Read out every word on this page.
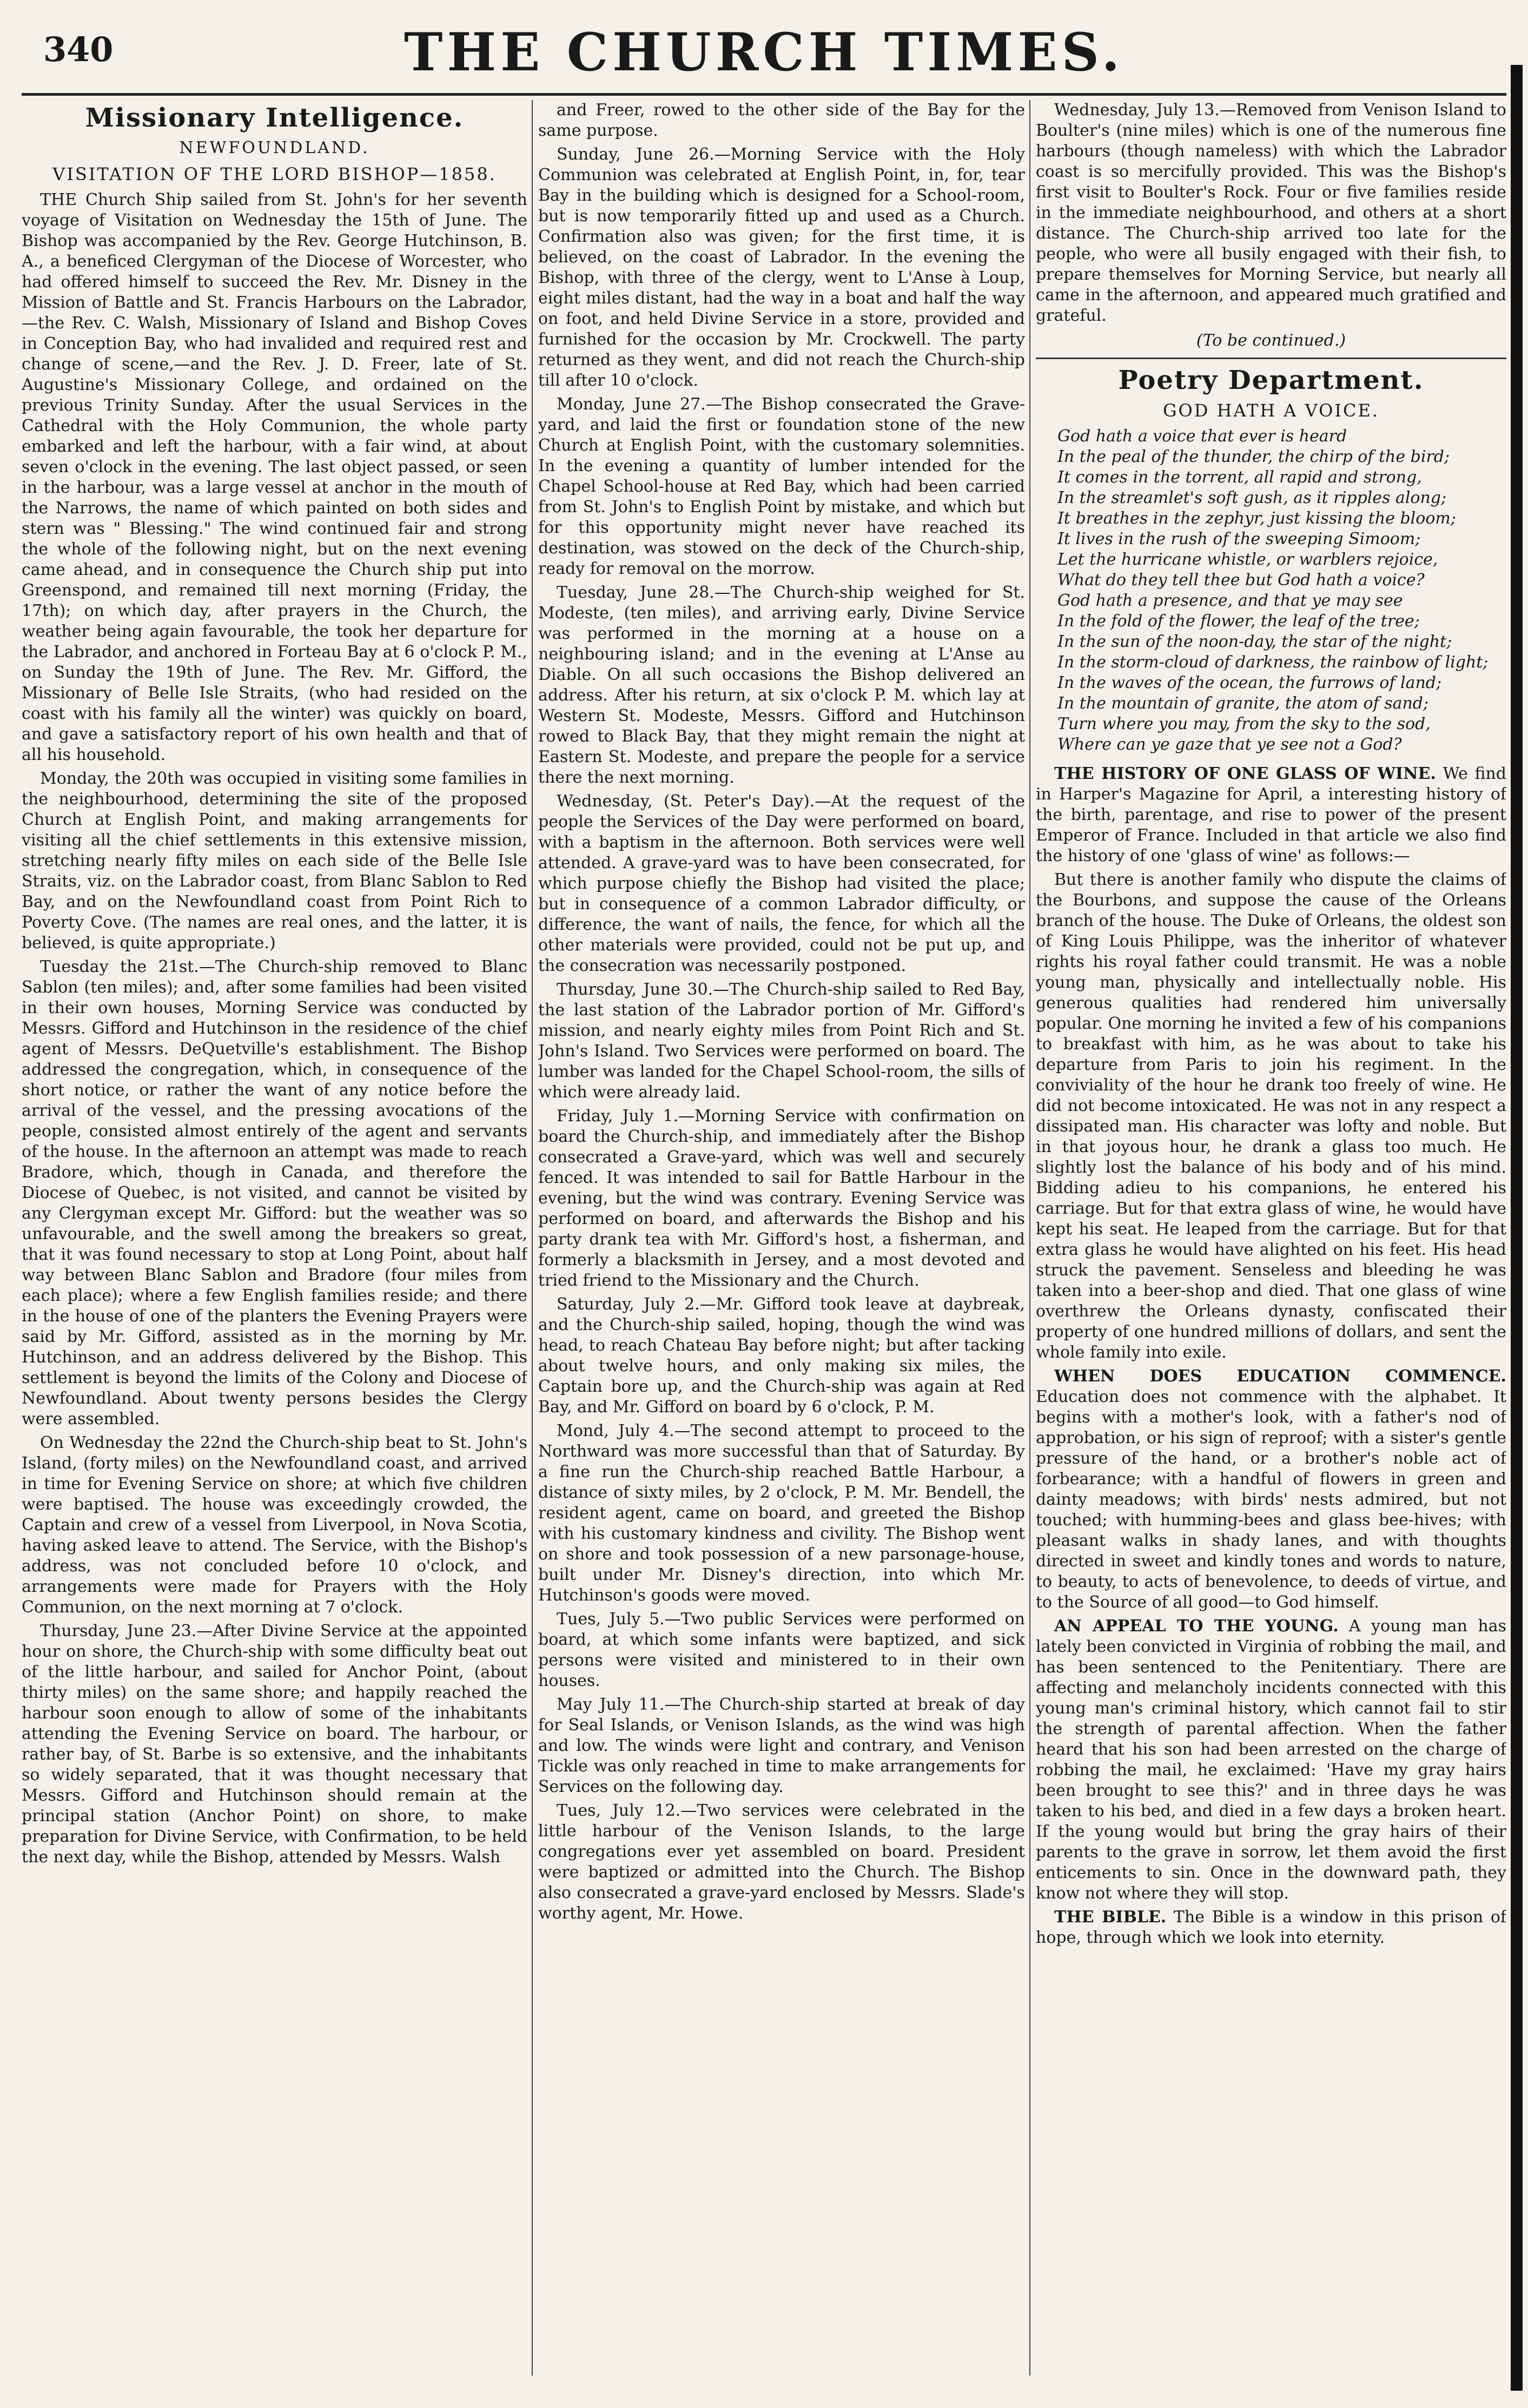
340	THE CHURCH TIMES.
Missionary Intelligence.
NEWFOUNDLAND.
VISITATION OF THE LORD BISHOP—1858.

THE Church Ship sailed from St. John's for her seventh voyage of Visitation on Wednesday the 15th of June. The Bishop was accompanied by the Rev. George Hutchinson, B. A., a beneficed Clergyman of the Diocese of Worcester, who had offered himself to succeed the Rev. Mr. Disney in the Mission of Battle and St. Francis Harbours on the Labrador,—the Rev. C. Walsh, Missionary of Island and Bishop Coves in Conception Bay, who had invalided and required rest and change of scene,—and the Rev. J. D. Freer, late of St. Augustine's Missionary College, and ordained on the previous Trinity Sunday. After the usual Services in the Cathedral with the Holy Communion, the whole party embarked and left the harbour, with a fair wind, at about seven o'clock in the evening. The last object passed, or seen in the harbour, was a large vessel at anchor in the mouth of the Narrows, the name of which painted on both sides and stern was " Blessing." The wind continued fair and strong the whole of the following night, but on the next evening came ahead, and in consequence the Church ship put into Greenspond, and remained till next morning (Friday, the 17th); on which day, after prayers in the Church, the weather being again favourable, the took her departure for the Labrador, and anchored in Forteau Bay at 6 o'clock P. M., on Sunday the 19th of June. The Rev. Mr. Gifford, the Missionary of Belle Isle Straits, (who had resided on the coast with his family all the winter) was quickly on board, and gave a satisfactory report of his own health and that of all his household.

Monday, the 20th was occupied in visiting some families in the neighbourhood, determining the site of the proposed Church at English Point, and making arrangements for visiting all the chief settlements in this extensive mission, stretching nearly fifty miles on each side of the Belle Isle Straits, viz. on the Labrador coast, from Blanc Sablon to Red Bay, and on the Newfoundland coast from Point Rich to Poverty Cove. (The names are real ones, and the latter, it is believed, is quite appropriate.)

Tuesday the 21st.—The Church-ship removed to Blanc Sablon (ten miles); and, after some families had been visited in their own houses, Morning Service was conducted by Messrs. Gifford and Hutchinson in the residence of the chief agent of Messrs. DeQuetville's establishment. The Bishop addressed the congregation, which, in consequence of the short notice, or rather the want of any notice before the arrival of the vessel, and the pressing avocations of the people, consisted almost entirely of the agent and servants of the house. In the afternoon an attempt was made to reach Bradore, which, though in Canada, and therefore the Diocese of Quebec, is not visited, and cannot be visited by any Clergyman except Mr. Gifford: but the weather was so unfavourable, and the swell among the breakers so great, that it was found necessary to stop at Long Point, about half way between Blanc Sablon and Bradore (four miles from each place); where a few English families reside; and there in the house of one of the planters the Evening Prayers were said by Mr. Gifford, assisted as in the morning by Mr. Hutchinson, and an address delivered by the Bishop. This settlement is beyond the limits of the Colony and Diocese of Newfoundland. About twenty persons besides the Clergy were assembled.

On Wednesday the 22nd the Church-ship beat to St. John's Island, (forty miles) on the Newfoundland coast, and arrived in time for Evening Service on shore; at which five children were baptised. The house was exceedingly crowded, the Captain and crew of a vessel from Liverpool, in Nova Scotia, having asked leave to attend. The Service, with the Bishop's address, was not concluded before 10 o'clock, and arrangements were made for Prayers with the Holy Communion, on the next morning at 7 o'clock.

Thursday, June 23.—After Divine Service at the appointed hour on shore, the Church-ship with some difficulty beat out of the little harbour, and sailed for Anchor Point, (about thirty miles) on the same shore; and happily reached the harbour soon enough to allow of some of the inhabitants attending the Evening Service on board. The harbour, or rather bay, of St. Barbe is so extensive, and the inhabitants so widely separated, that it was thought necessary that Messrs. Gifford and Hutchinson should remain at the principal station (Anchor Point) on shore, to make preparation for Divine Service, with Confirmation, to be held the next day, while the Bishop, attended by Messrs. Walsh

and Freer, rowed to the other side of the Bay for the same purpose.

Sunday, June 26.—Morning Service with the Holy Communion was celebrated at English Point, in, for, tear Bay in the building which is designed for a School-room, but is now temporarily fitted up and used as a Church. Confirmation also was given; for the first time, it is believed, on the coast of Labrador. In the evening the Bishop, with three of the clergy, went to L'Anse à Loup, eight miles distant, had the way in a boat and half the way on foot, and held Divine Service in a store, provided and furnished for the occasion by Mr. Crockwell. The party returned as they went, and did not reach the Church-ship till after 10 o'clock.

Monday, June 27.—The Bishop consecrated the Grave-yard, and laid the first or foundation stone of the new Church at English Point, with the customary solemnities. In the evening a quantity of lumber intended for the Chapel School-house at Red Bay, which had been carried from St. John's to English Point by mistake, and which but for this opportunity might never have reached its destination, was stowed on the deck of the Church-ship, ready for removal on the morrow.

Tuesday, June 28.—The Church-ship weighed for St. Modeste, (ten miles), and arriving early, Divine Service was performed in the morning at a house on a neighbouring island; and in the evening at L'Anse au Diable. On all such occasions the Bishop delivered an address. After his return, at six o'clock P. M. which lay at Western St. Modeste, Messrs. Gifford and Hutchinson rowed to Black Bay, that they might remain the night at Eastern St. Modeste, and prepare the people for a service there the next morning.

Wednesday, (St. Peter's Day).—At the request of the people the Services of the Day were performed on board, with a baptism in the afternoon. Both services were well attended. A grave-yard was to have been consecrated, for which purpose chiefly the Bishop had visited the place; but in consequence of a common Labrador difficulty, or difference, the want of nails, the fence, for which all the other materials were provided, could not be put up, and the consecration was necessarily postponed.

Thursday, June 30.—The Church-ship sailed to Red Bay, the last station of the Labrador portion of Mr. Gifford's mission, and nearly eighty miles from Point Rich and St. John's Island. Two Services were performed on board. The lumber was landed for the Chapel School-room, the sills of which were already laid.

Friday, July 1.—Morning Service with confirmation on board the Church-ship, and immediately after the Bishop consecrated a Grave-yard, which was well and securely fenced. It was intended to sail for Battle Harbour in the evening, but the wind was contrary. Evening Service was performed on board, and afterwards the Bishop and his party drank tea with Mr. Gifford's host, a fisherman, and formerly a blacksmith in Jersey, and a most devoted and tried friend to the Missionary and the Church.

Saturday, July 2.—Mr. Gifford took leave at daybreak, and the Church-ship sailed, hoping, though the wind was head, to reach Chateau Bay before night; but after tacking about twelve hours, and only making six miles, the Captain bore up, and the Church-ship was again at Red Bay, and Mr. Gifford on board by 6 o'clock, P. M.

Mond, July 4.—The second attempt to proceed to the Northward was more successful than that of Saturday. By a fine run the Church-ship reached Battle Harbour, a distance of sixty miles, by 2 o'clock, P. M. Mr. Bendell, the resident agent, came on board, and greeted the Bishop with his customary kindness and civility. The Bishop went on shore and took possession of a new parsonage-house, built under Mr. Disney's direction, into which Mr. Hutchinson's goods were moved.

Tues, July 5.—Two public Services were performed on board, at which some infants were baptized, and sick persons were visited and ministered to in their own houses.

May July 11.—The Church-ship started at break of day for Seal Islands, or Venison Islands, as the wind was high and low. The winds were light and contrary, and Venison Tickle was only reached in time to make arrangements for Services on the following day.

Tues, July 12.—Two services were celebrated in the little harbour of the Venison Islands, to the large congregations ever yet assembled on board. President were baptized or admitted into the Church. The Bishop also consecrated a grave-yard enclosed by Messrs. Slade's worthy agent, Mr. Howe.

Wednesday, July 13.—Removed from Venison Island to Boulter's (nine miles) which is one of the numerous fine harbours (though nameless) with which the Labrador coast is so mercifully provided. This was the Bishop's first visit to Boulter's Rock. Four or five families reside in the immediate neighbourhood, and others at a short distance. The Church-ship arrived too late for the people, who were all busily engaged with their fish, to prepare themselves for Morning Service, but nearly all came in the afternoon, and appeared much gratified and grateful.

(To be continued.)
Poetry Department.
GOD HATH A VOICE.
God hath a voice that ever is heard
In the peal of the thunder, the chirp of the bird;
It comes in the torrent, all rapid and strong,
In the streamlet's soft gush, as it ripples along;
It breathes in the zephyr, just kissing the bloom;
It lives in the rush of the sweeping Simoom;
Let the hurricane whistle, or warblers rejoice,
What do they tell thee but God hath a voice?
God hath a presence, and that ye may see
In the fold of the flower, the leaf of the tree;
In the sun of the noon-day, the star of the night;
In the storm-cloud of darkness, the rainbow of light;
In the waves of the ocean, the furrows of land;
In the mountain of granite, the atom of sand;
Turn where you may, from the sky to the sod,
Where can ye gaze that ye see not a God?

THE HISTORY OF ONE GLASS OF WINE. We find in Harper's Magazine for April, a interesting history of the birth, parentage, and rise to power of the present Emperor of France. Included in that article we also find the history of one 'glass of wine' as follows:—

But there is another family who dispute the claims of the Bourbons, and suppose the cause of the Orleans branch of the house. The Duke of Orleans, the oldest son of King Louis Philippe, was the inheritor of whatever rights his royal father could transmit. He was a noble young man, physically and intellectually noble. His generous qualities had rendered him universally popular. One morning he invited a few of his companions to breakfast with him, as he was about to take his departure from Paris to join his regiment. In the conviviality of the hour he drank too freely of wine. He did not become intoxicated. He was not in any respect a dissipated man. His character was lofty and noble. But in that joyous hour, he drank a glass too much. He slightly lost the balance of his body and of his mind. Bidding adieu to his companions, he entered his carriage. But for that extra glass of wine, he would have kept his seat. He leaped from the carriage. But for that extra glass he would have alighted on his feet. His head struck the pavement. Senseless and bleeding he was taken into a beer-shop and died. That one glass of wine overthrew the Orleans dynasty, confiscated their property of one hundred millions of dollars, and sent the whole family into exile.

WHEN DOES EDUCATION COMMENCE. Education does not commence with the alphabet. It begins with a mother's look, with a father's nod of approbation, or his sign of reproof; with a sister's gentle pressure of the hand, or a brother's noble act of forbearance; with a handful of flowers in green and dainty meadows; with birds' nests admired, but not touched; with humming-bees and glass bee-hives; with pleasant walks in shady lanes, and with thoughts directed in sweet and kindly tones and words to nature, to beauty, to acts of benevolence, to deeds of virtue, and to the Source of all good—to God himself.

AN APPEAL TO THE YOUNG. A young man has lately been convicted in Virginia of robbing the mail, and has been sentenced to the Penitentiary. There are affecting and melancholy incidents connected with this young man's criminal history, which cannot fail to stir the strength of parental affection. When the father heard that his son had been arrested on the charge of robbing the mail, he exclaimed: 'Have my gray hairs been brought to see this?' and in three days he was taken to his bed, and died in a few days a broken heart. If the young would but bring the gray hairs of their parents to the grave in sorrow, let them avoid the first enticements to sin. Once in the downward path, they know not where they will stop.

THE BIBLE. The Bible is a window in this prison of hope, through which we look into eternity.
